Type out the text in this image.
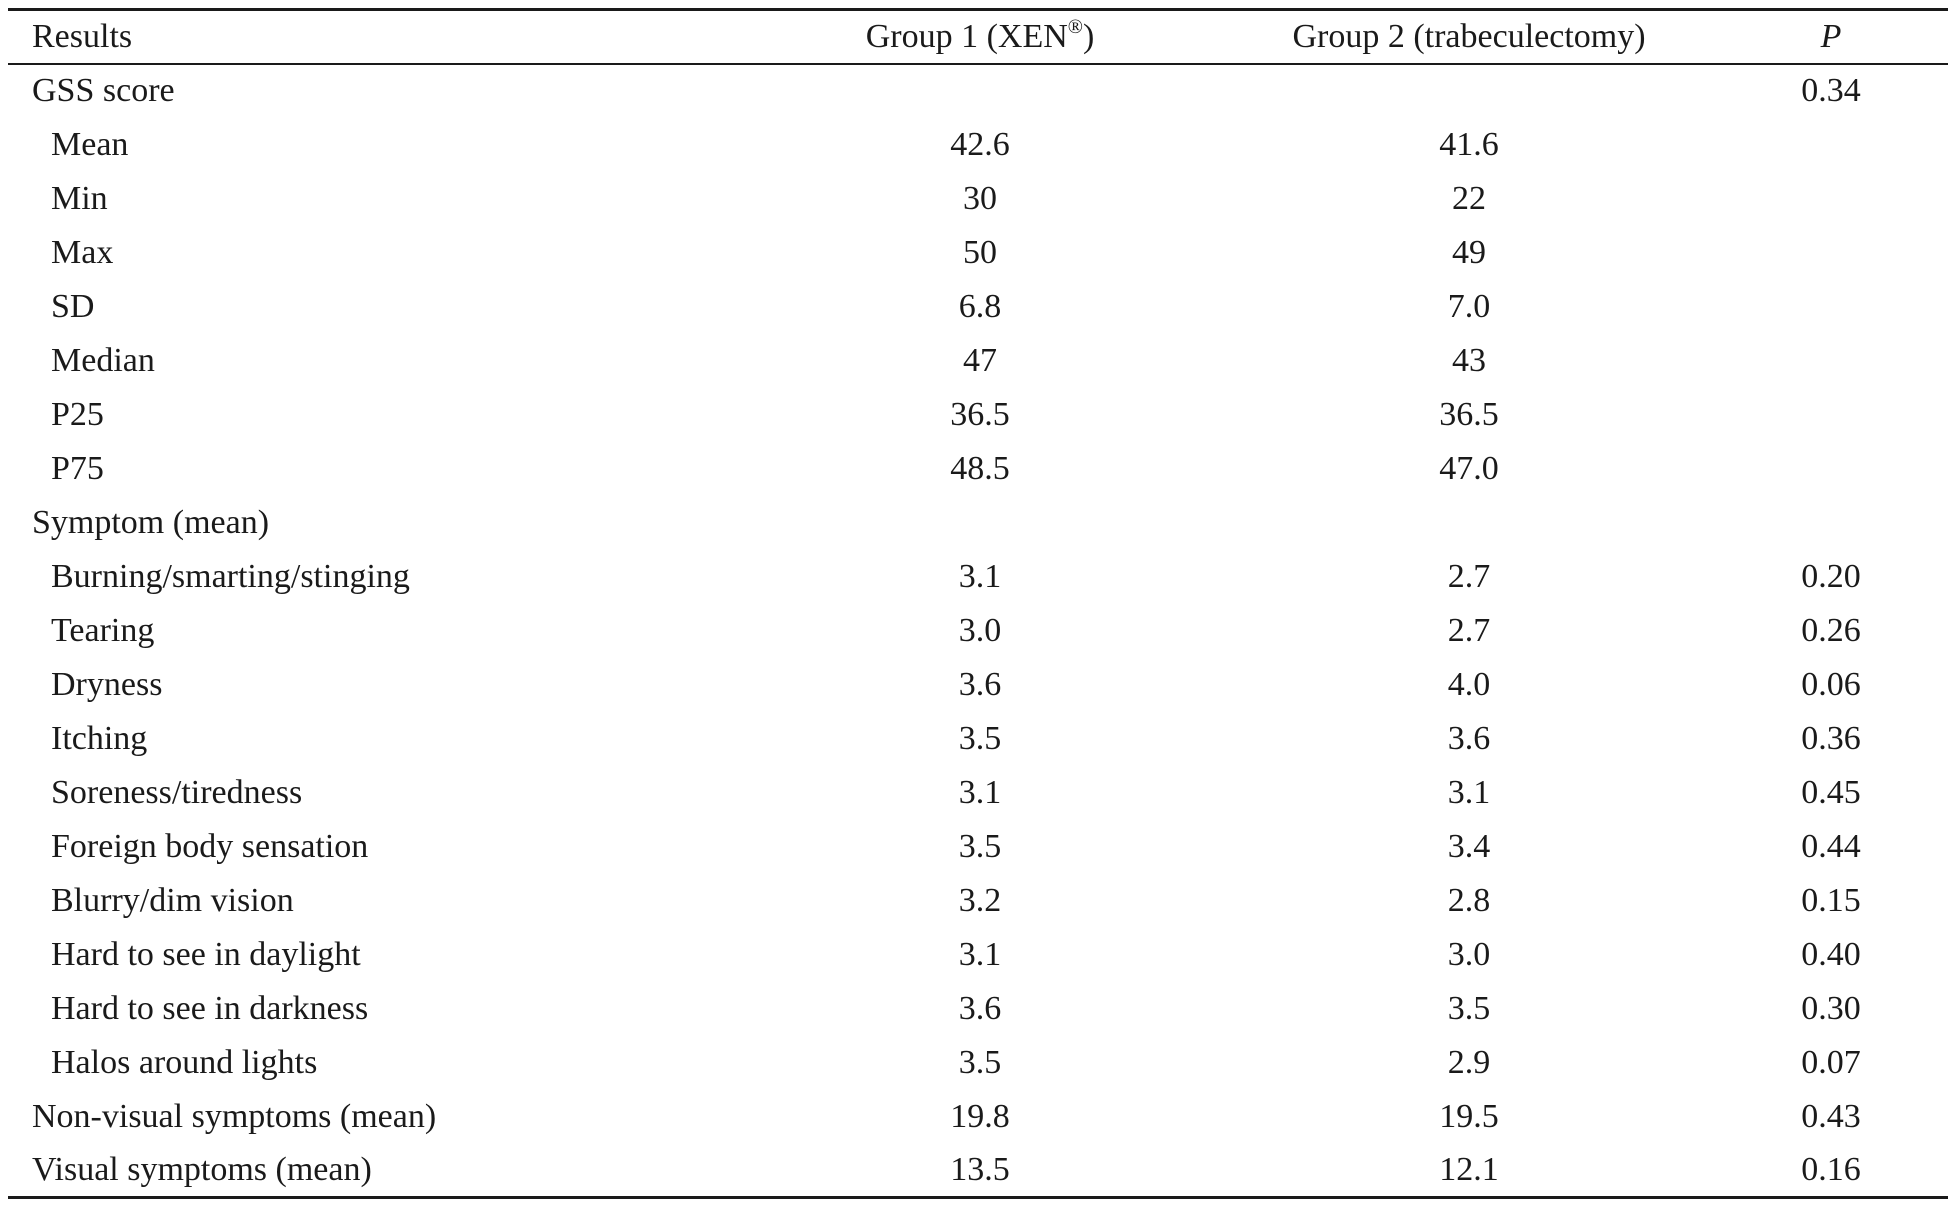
Results	Group 1 (XEN®)	Group 2 (trabeculectomy)	P
GSS score			0.34
Mean	42.6	41.6	
Min	30	22	
Max	50	49	
SD	6.8	7.0	
Median	47	43	
P25	36.5	36.5	
P75	48.5	47.0	
Symptom (mean)			
Burning/smarting/stinging	3.1	2.7	0.20
Tearing	3.0	2.7	0.26
Dryness	3.6	4.0	0.06
Itching	3.5	3.6	0.36
Soreness/tiredness	3.1	3.1	0.45
Foreign body sensation	3.5	3.4	0.44
Blurry/dim vision	3.2	2.8	0.15
Hard to see in daylight	3.1	3.0	0.40
Hard to see in darkness	3.6	3.5	0.30
Halos around lights	3.5	2.9	0.07
Non-visual symptoms (mean)	19.8	19.5	0.43
Visual symptoms (mean)	13.5	12.1	0.16
